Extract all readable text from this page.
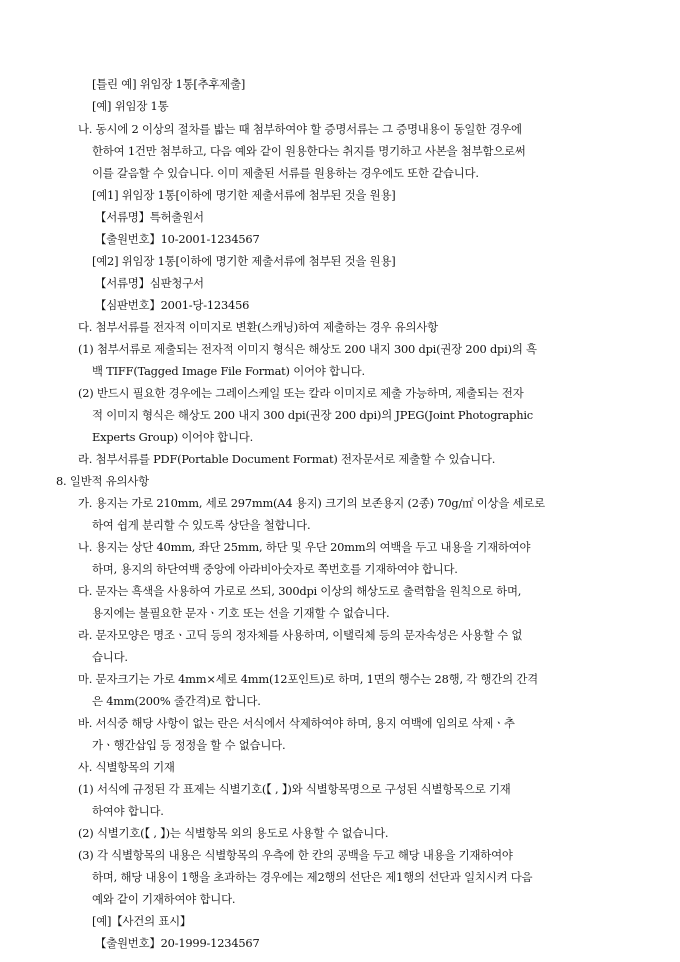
[틀린 예] 위임장 1통[추후제출]
[예] 위임장 1통
나. 동시에 2 이상의 절차를 밟는 때 첨부하여야 할 증명서류는 그 증명내용이 동일한 경우에
한하여 1건만 첨부하고, 다음 예와 같이 원용한다는 취지를 명기하고 사본을 첨부함으로써
이를 갈음할 수 있습니다. 이미 제출된 서류를 원용하는 경우에도 또한 같습니다.
[예1] 위임장 1통[이하에 명기한 제출서류에 첨부된 것을 원용]
【서류명】특허출원서
【출원번호】10-2001-1234567
[예2] 위임장 1통[이하에 명기한 제출서류에 첨부된 것을 원용]
【서류명】심판청구서
【심판번호】2001-당-123456
다. 첨부서류를 전자적 이미지로 변환(스캐닝)하여 제출하는 경우 유의사항
(1) 첨부서류로 제출되는 전자적 이미지 형식은 해상도 200 내지 300 dpi(권장 200 dpi)의 흑
백 TIFF(Tagged Image File Format) 이어야 합니다.
(2) 반드시 필요한 경우에는 그레이스케일 또는 칼라 이미지로 제출 가능하며, 제출되는 전자
적 이미지 형식은 해상도 200 내지 300 dpi(권장 200 dpi)의 JPEG(Joint Photographic
Experts Group) 이어야 합니다.
라. 첨부서류를 PDF(Portable Document Format) 전자문서로 제출할 수 있습니다.
8. 일반적 유의사항
가. 용지는 가로 210mm, 세로 297mm(A4 용지) 크기의 보존용지 (2종) 70g/㎡ 이상을 세로로
하여 쉽게 분리할 수 있도록 상단을 철합니다.
나. 용지는 상단 40mm, 좌단 25mm, 하단 및 우단 20mm의 여백을 두고 내용을 기재하여야
하며, 용지의 하단여백 중앙에 아라비아숫자로 쪽번호를 기재하여야 합니다.
다. 문자는 흑색을 사용하여 가로로 쓰되, 300dpi 이상의 해상도로 출력함을 원칙으로 하며,
용지에는 불필요한 문자ㆍ기호 또는 선을 기재할 수 없습니다.
라. 문자모양은 명조ㆍ고딕 등의 정자체를 사용하며, 이탤릭체 등의 문자속성은 사용할 수 없
습니다.
마. 문자크기는 가로 4mm×세로 4mm(12포인트)로 하며, 1면의 행수는 28행, 각 행간의 간격
은 4mm(200% 줄간격)로 합니다.
바. 서식중 해당 사항이 없는 란은 서식에서 삭제하여야 하며, 용지 여백에 임의로 삭제ㆍ추
가ㆍ행간삽입 등 정정을 할 수 없습니다.
사. 식별항목의 기재
(1) 서식에 규정된 각 표제는 식별기호(【 , 】)와 식별항목명으로 구성된 식별항목으로 기재
하여야 합니다.
(2) 식별기호(【 , 】)는 식별항목 외의 용도로 사용할 수 없습니다.
(3) 각 식별항목의 내용은 식별항목의 우측에 한 칸의 공백을 두고 해당 내용을 기재하여야
하며, 해당 내용이 1행을 초과하는 경우에는 제2행의 선단은 제1행의 선단과 일치시켜 다음
예와 같이 기재하여야 합니다.
[예]【사건의 표시】
【출원번호】20-1999-1234567
